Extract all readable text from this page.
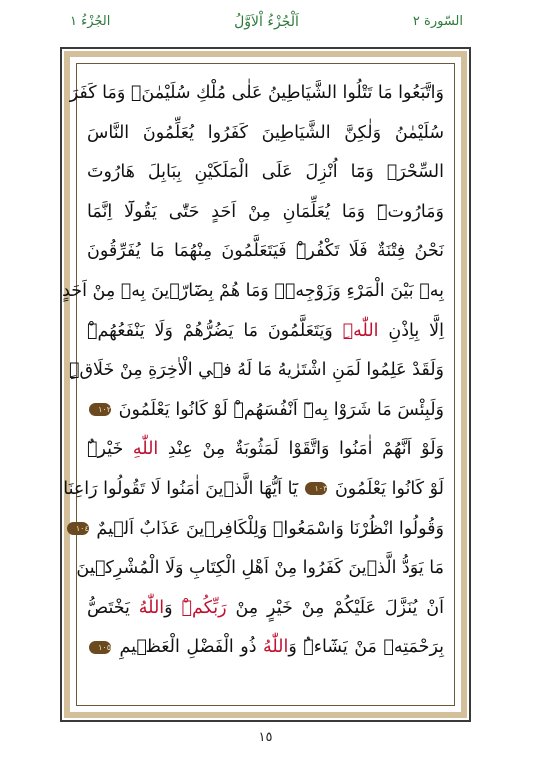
السّورة ٢
اَلْجُزْءُ اْلاَوَّلُ
الجُزْءُ ١
وَاتَّبَعُوا مَا تَتْلُوا الشَّيَاطِينُ عَلٰى مُلْكِ سُلَيْمٰنَۚ وَمَا كَفَرَ
سُلَيْمٰنُ وَلٰكِنَّ الشَّيَاطِينَ كَفَرُوا يُعَلِّمُونَ النَّاسَ
السِّحْرَۗ وَمَٓا اُنْزِلَ عَلَى الْمَلَكَيْنِ بِبَابِلَ هَارُوتَ
وَمَارُوتَۜ وَمَا يُعَلِّمَانِ مِنْ اَحَدٍ حَتّٰى يَقُولَٓا اِنَّمَا
نَحْنُ فِتْنَةٌ فَلَا تَكْفُرْۜ فَيَتَعَلَّمُونَ مِنْهُمَا مَا يُفَرِّقُونَ
بِه۪ بَيْنَ الْمَرْءِ وَزَوْجِه۪ۜ وَمَا هُمْ بِضَٓارّ۪ينَ بِه۪ مِنْ اَحَدٍ
اِلَّا بِاِذْنِ اللّٰهِۜ وَيَتَعَلَّمُونَ مَا يَضُرُّهُمْ وَلَا يَنْفَعُهُمْۜ
وَلَقَدْ عَلِمُوا لَمَنِ اشْتَرٰيهُ مَا لَهُ ف۪ي الْاٰخِرَةِ مِنْ خَلَاقٍۜ
وَلَبِئْسَ مَا شَرَوْا بِه۪ٓ اَنْفُسَهُمْۜ لَوْ كَانُوا يَعْلَمُونَ ١٠٢
وَلَوْ اَنَّهُمْ اٰمَنُوا وَاتَّقَوْا لَمَثُوبَةٌ مِنْ عِنْدِ اللّٰهِ خَيْرٌۜ
لَوْ كَانُوا يَعْلَمُونَ ١٠٣ يَٓا اَيُّهَا الَّذ۪ينَ اٰمَنُوا لَا تَقُولُوا رَاعِنَا
وَقُولُوا انْظُرْنَا وَاسْمَعُواۜ وَلِلْكَافِر۪ينَ عَذَابٌ اَل۪يمٌ ١٠٤
مَا يَوَدُّ الَّذ۪ينَ كَفَرُوا مِنْ اَهْلِ الْكِتَابِ وَلَا الْمُشْرِك۪ينَ
اَنْ يُنَزَّلَ عَلَيْكُمْ مِنْ خَيْرٍ مِنْ رَبِّكُمْۜ وَاللّٰهُ يَخْتَصُّ
بِرَحْمَتِه۪ مَنْ يَشَٓاءُۜ وَاللّٰهُ ذُو الْفَضْلِ الْعَظ۪يمِ ١٠٥
١٥
